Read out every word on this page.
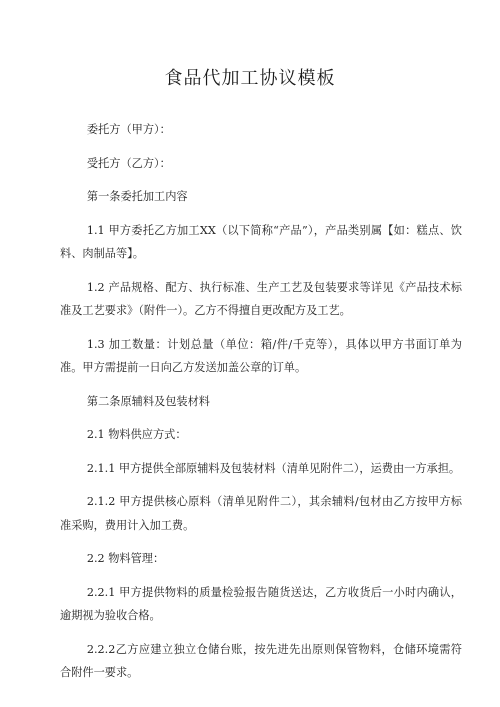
食品代加工协议模板

委托方（甲方）：

受托方（乙方）：

第一条委托加工内容

1.1 甲方委托乙方加工XX（以下简称“产品”），产品类别属【如：糕点、饮料、肉制品等】。

1.2 产品规格、配方、执行标准、生产工艺及包装要求等详见《产品技术标准及工艺要求》（附件一）。乙方不得擅自更改配方及工艺。

1.3 加工数量：计划总量（单位：箱/件/千克等），具体以甲方书面订单为准。甲方需提前一日向乙方发送加盖公章的订单。

第二条原辅料及包装材料

2.1 物料供应方式：

2.1.1 甲方提供全部原辅料及包装材料（清单见附件二），运费由一方承担。

2.1.2 甲方提供核心原料（清单见附件二），其余辅料/包材由乙方按甲方标准采购，费用计入加工费。

2.2 物料管理：

2.2.1 甲方提供物料的质量检验报告随货送达，乙方收货后一小时内确认，逾期视为验收合格。

2.2.2乙方应建立独立仓储台账，按先进先出原则保管物料，仓储环境需符合附件一要求。
